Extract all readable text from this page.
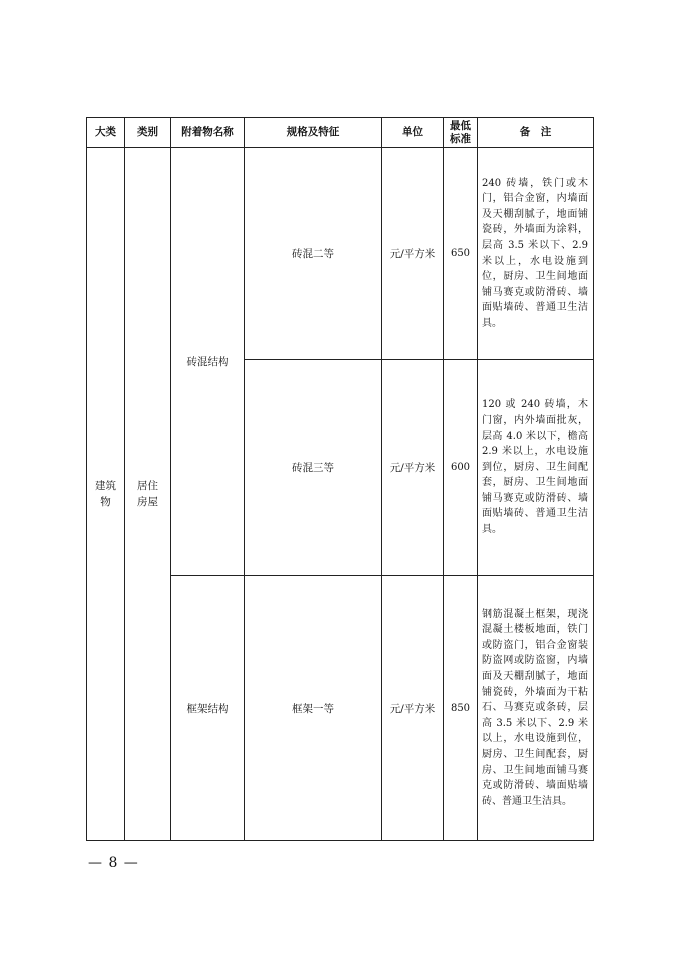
大类	类别	附着物名称	规格及特征	单位	最低标准	备　注
建筑物	居住房屋	砖混结构	砖混二等	元/平方米	650	240 砖墙，铁门或木门，铝合金窗，内墙面及天棚刮腻子，地面铺瓷砖，外墙面为涂料，层高 3.5 米以下、2.9 米以上，水电设施到位，厨房、卫生间地面铺马赛克或防滑砖、墙面贴墙砖、普通卫生洁具。
			砖混三等	元/平方米	600	120 或 240 砖墙，木门窗，内外墙面批灰，层高 4.0 米以下，檐高 2.9 米以上，水电设施到位，厨房、卫生间配套，厨房、卫生间地面铺马赛克或防滑砖、墙面贴墙砖、普通卫生洁具。
		框架结构	框架一等	元/平方米	850	钢筋混凝土框架，现浇混凝土楼板地面，铁门或防盗门，铝合金窗装防盗网或防盗窗，内墙面及天棚刮腻子，地面铺瓷砖，外墙面为干粘石、马赛克或条砖，层高 3.5 米以下、2.9 米以上，水电设施到位，厨房、卫生间配套，厨房、卫生间地面铺马赛克或防滑砖、墙面贴墙砖、普通卫生洁具。
— 8 —
